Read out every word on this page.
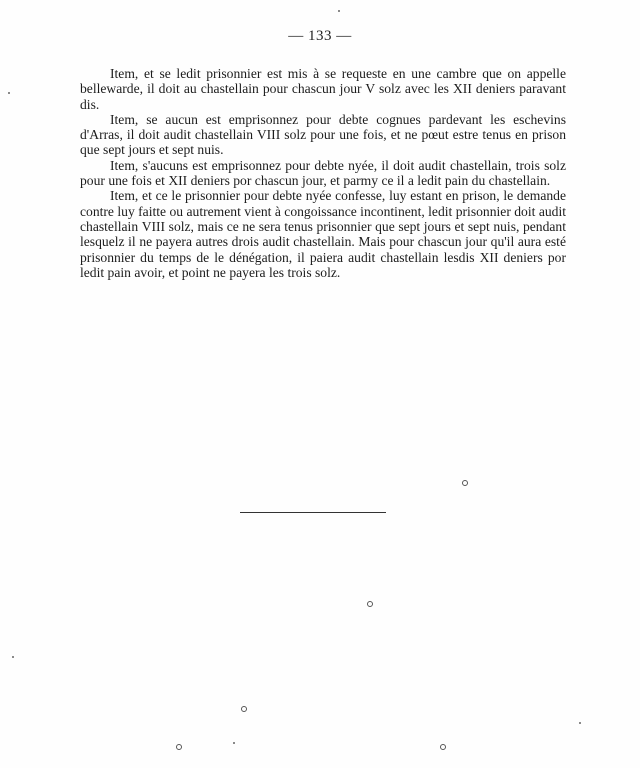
— 133 —

Item, et se ledit prisonnier est mis à se requeste en une cambre que on appelle bellewarde, il doit au chastellain pour chascun jour V solz avec les XII deniers paravant dis.

Item, se aucun est emprisonnez pour debte cognues pardevant les eschevins d'Arras, il doit audit chastellain VIII solz pour une fois, et ne pœut estre tenus en prison que sept jours et sept nuis.

Item, s'aucuns est emprisonnez pour debte nyée, il doit audit chastellain, trois solz pour une fois et XII deniers por chascun jour, et parmy ce il a ledit pain du chastellain.

Item, et ce le prisonnier pour debte nyée confesse, luy estant en prison, le demande contre luy faitte ou autrement vient à congoissance incontinent, ledit prisonnier doit audit chastellain VIII solz, mais ce ne sera tenus prisonnier que sept jours et sept nuis, pendant lesquelz il ne payera autres drois audit chastellain. Mais pour chascun jour qu'il aura esté prisonnier du temps de le dénégation, il paiera audit chastellain lesdis XII deniers por ledit pain avoir, et point ne payera les trois solz.
